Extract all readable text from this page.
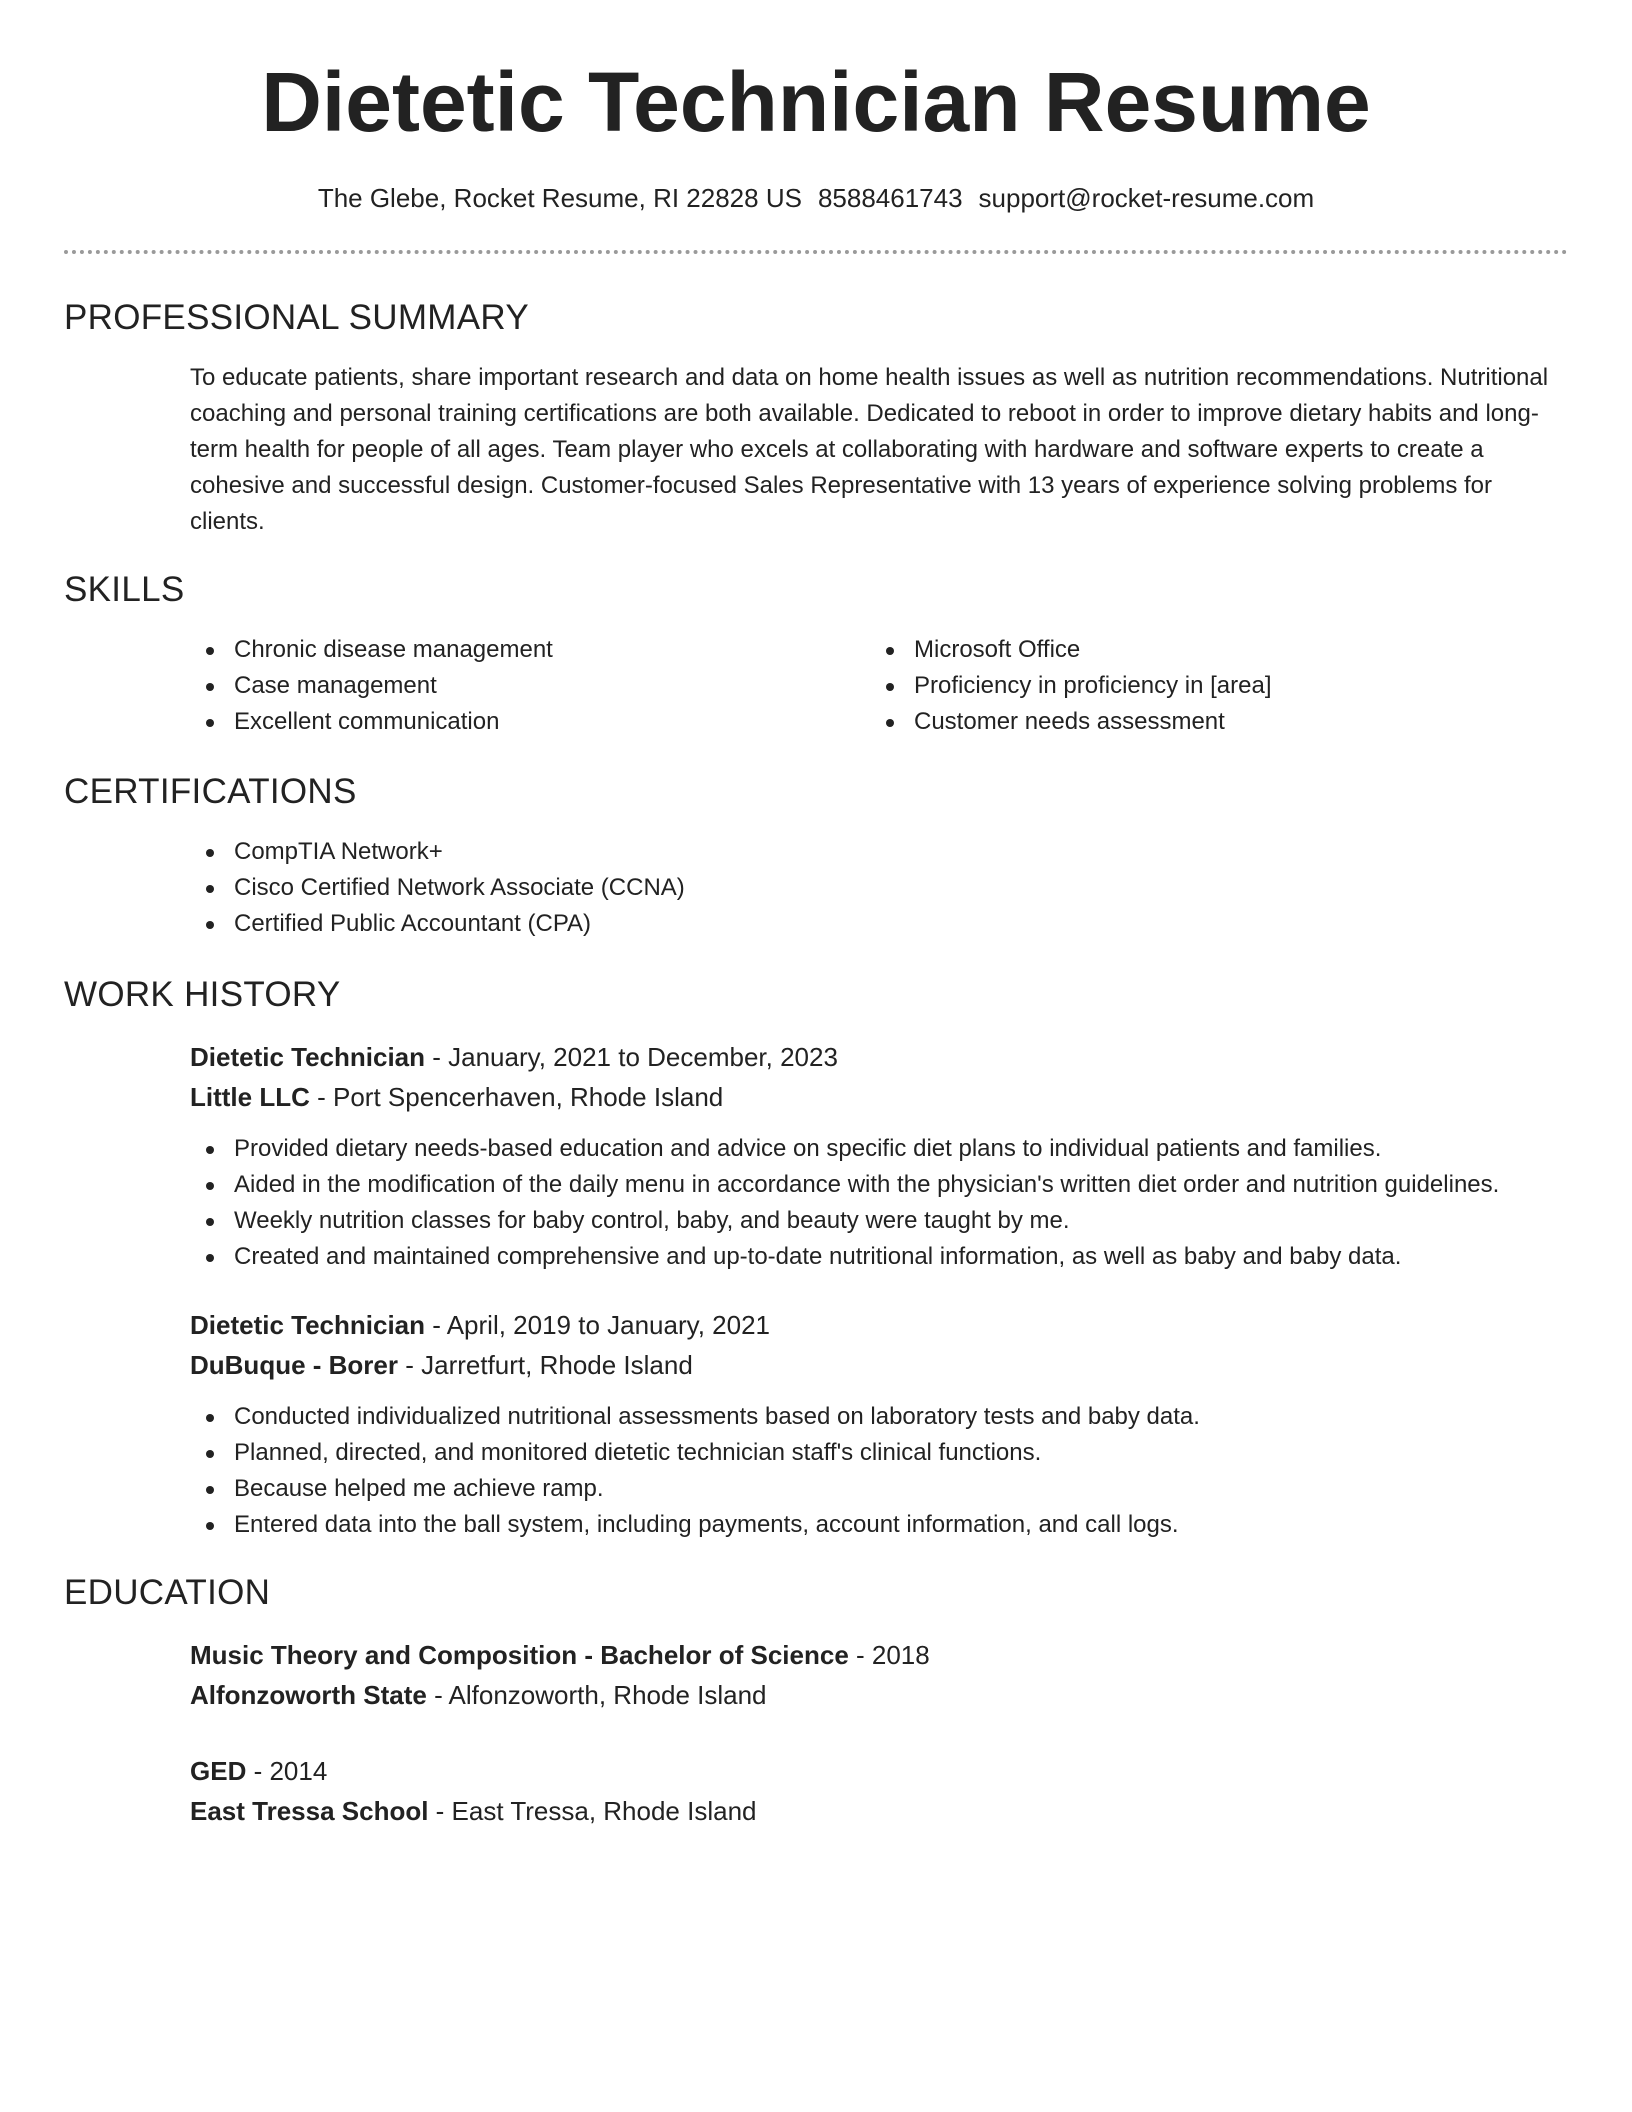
Dietetic Technician Resume
The Glebe, Rocket Resume, RI 22828 US 8588461743 support@rocket-resume.com
PROFESSIONAL SUMMARY

To educate patients, share important research and data on home health issues as well as nutrition recommendations. Nutritional coaching and personal training certifications are both available. Dedicated to reboot in order to improve dietary habits and long-term health for people of all ages. Team player who excels at collaborating with hardware and software experts to create a cohesive and successful design. Customer-focused Sales Representative with 13 years of experience solving problems for clients.

SKILLS
Chronic disease management
Case management
Excellent communication
Microsoft Office
Proficiency in proficiency in [area]
Customer needs assessment
CERTIFICATIONS
CompTIA Network+
Cisco Certified Network Associate (CCNA)
Certified Public Accountant (CPA)
WORK HISTORY
Dietetic Technician - January, 2021 to December, 2023
Little LLC - Port Spencerhaven, Rhode Island
Provided dietary needs-based education and advice on specific diet plans to individual patients and families.
Aided in the modification of the daily menu in accordance with the physician's written diet order and nutrition guidelines.
Weekly nutrition classes for baby control, baby, and beauty were taught by me.
Created and maintained comprehensive and up-to-date nutritional information, as well as baby and baby data.
Dietetic Technician - April, 2019 to January, 2021
DuBuque - Borer - Jarretfurt, Rhode Island
Conducted individualized nutritional assessments based on laboratory tests and baby data.
Planned, directed, and monitored dietetic technician staff's clinical functions.
Because helped me achieve ramp.
Entered data into the ball system, including payments, account information, and call logs.
EDUCATION
Music Theory and Composition - Bachelor of Science - 2018
Alfonzoworth State - Alfonzoworth, Rhode Island
GED - 2014
East Tressa School - East Tressa, Rhode Island
